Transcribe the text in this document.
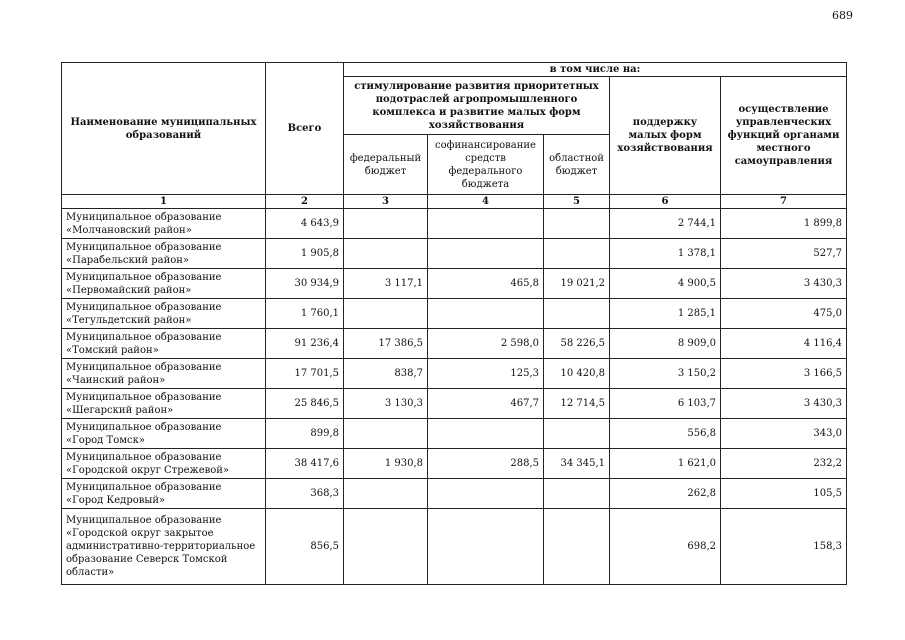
689
Наименование муниципальных образований	Всего	в том числе на:				
		стимулирование развития приоритетных подотраслей агропромышленного комплекса и развитие малых форм хозяйствования			поддержку малых форм хозяйствования	осуществление управленческих функций органами местного самоуправления
		федеральный бюджет	софинансирование средств федерального бюджета	областной бюджет		
1	2	3	4	5	6	7
Муниципальное образование «Молчановский район»	4 643,9				2 744,1	1 899,8
Муниципальное образование «Парабельский район»	1 905,8				1 378,1	527,7
Муниципальное образование «Первомайский район»	30 934,9	3 117,1	465,8	19 021,2	4 900,5	3 430,3
Муниципальное образование «Тегульдетский район»	1 760,1				1 285,1	475,0
Муниципальное образование «Томский район»	91 236,4	17 386,5	2 598,0	58 226,5	8 909,0	4 116,4
Муниципальное образование «Чаинский район»	17 701,5	838,7	125,3	10 420,8	3 150,2	3 166,5
Муниципальное образование «Шегарский район»	25 846,5	3 130,3	467,7	12 714,5	6 103,7	3 430,3
Муниципальное образование «Город Томск»	899,8				556,8	343,0
Муниципальное образование «Городской округ Стрежевой»	38 417,6	1 930,8	288,5	34 345,1	1 621,0	232,2
Муниципальное образование «Город Кедровый»	368,3				262,8	105,5
Муниципальное образование «Городской округ закрытое административно-территориальное образование Северск Томской области»	856,5				698,2	158,3
